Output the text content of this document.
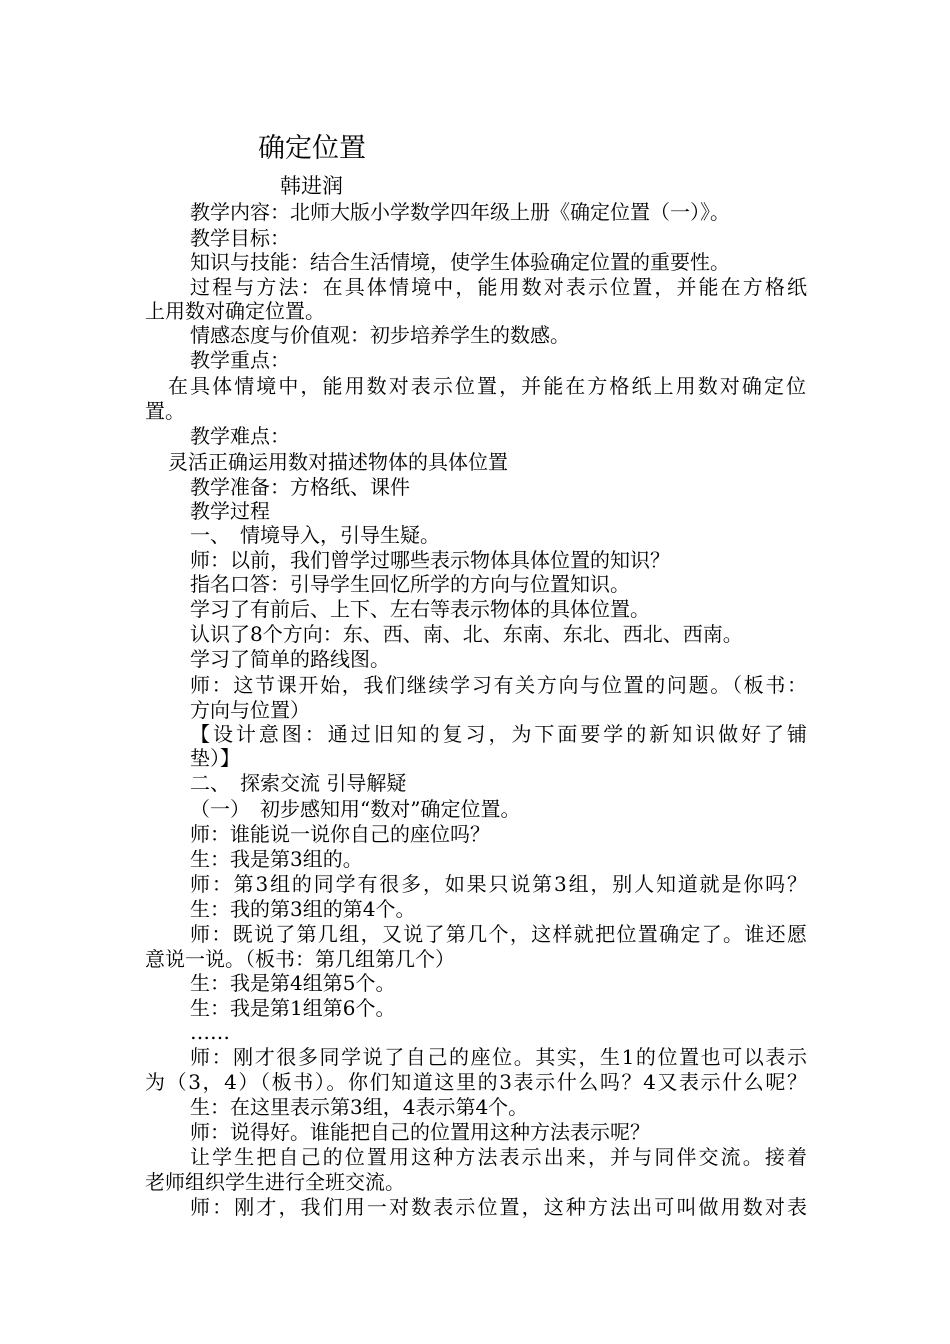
确定位置
韩进润
教学内容：北师大版小学数学四年级上册《确定位置（一）》。
教学目标：
知识与技能：结合生活情境，使学生体验确定位置的重要性。
过程与方法：在具体情境中，能用数对表示位置，并能在方格纸
上用数对确定位置。
情感态度与价值观：初步培养学生的数感。
教学重点：
在具体情境中，能用数对表示位置，并能在方格纸上用数对确定位
置。
教学难点：
灵活正确运用数对描述物体的具体位置
教学准备：方格纸、课件
教学过程
一、　情境导入，引导生疑。
师：以前，我们曾学过哪些表示物体具体位置的知识？
指名口答：引导学生回忆所学的方向与位置知识。
学习了有前后、上下、左右等表示物体的具体位置。
认识了8个方向：东、西、南、北、东南、东北、西北、西南。
学习了简单的路线图。
师：这节课开始，我们继续学习有关方向与位置的问题。（板书：
方向与位置）
【设计意图：通过旧知的复习，为下面要学的新知识做好了铺
垫）】
二、　探索交流 引导解疑
（一）　初步感知用“数对”确定位置。
师：谁能说一说你自己的座位吗？
生：我是第3组的。
师：第3组的同学有很多，如果只说第3组，别人知道就是你吗？
生：我的第3组的第4个。
师：既说了第几组，又说了第几个，这样就把位置确定了。谁还愿
意说一说。（板书：第几组第几个）
生：我是第4组第5个。
生：我是第1组第6个。
……
师：刚才很多同学说了自己的座位。其实，生1的位置也可以表示
为（3，4）（板书）。你们知道这里的3表示什么吗？4又表示什么呢？
生：在这里表示第3组，4表示第4个。
师：说得好。谁能把自己的位置用这种方法表示呢？
让学生把自己的位置用这种方法表示出来，并与同伴交流。接着
老师组织学生进行全班交流。
师：刚才，我们用一对数表示位置，这种方法出可叫做用数对表
